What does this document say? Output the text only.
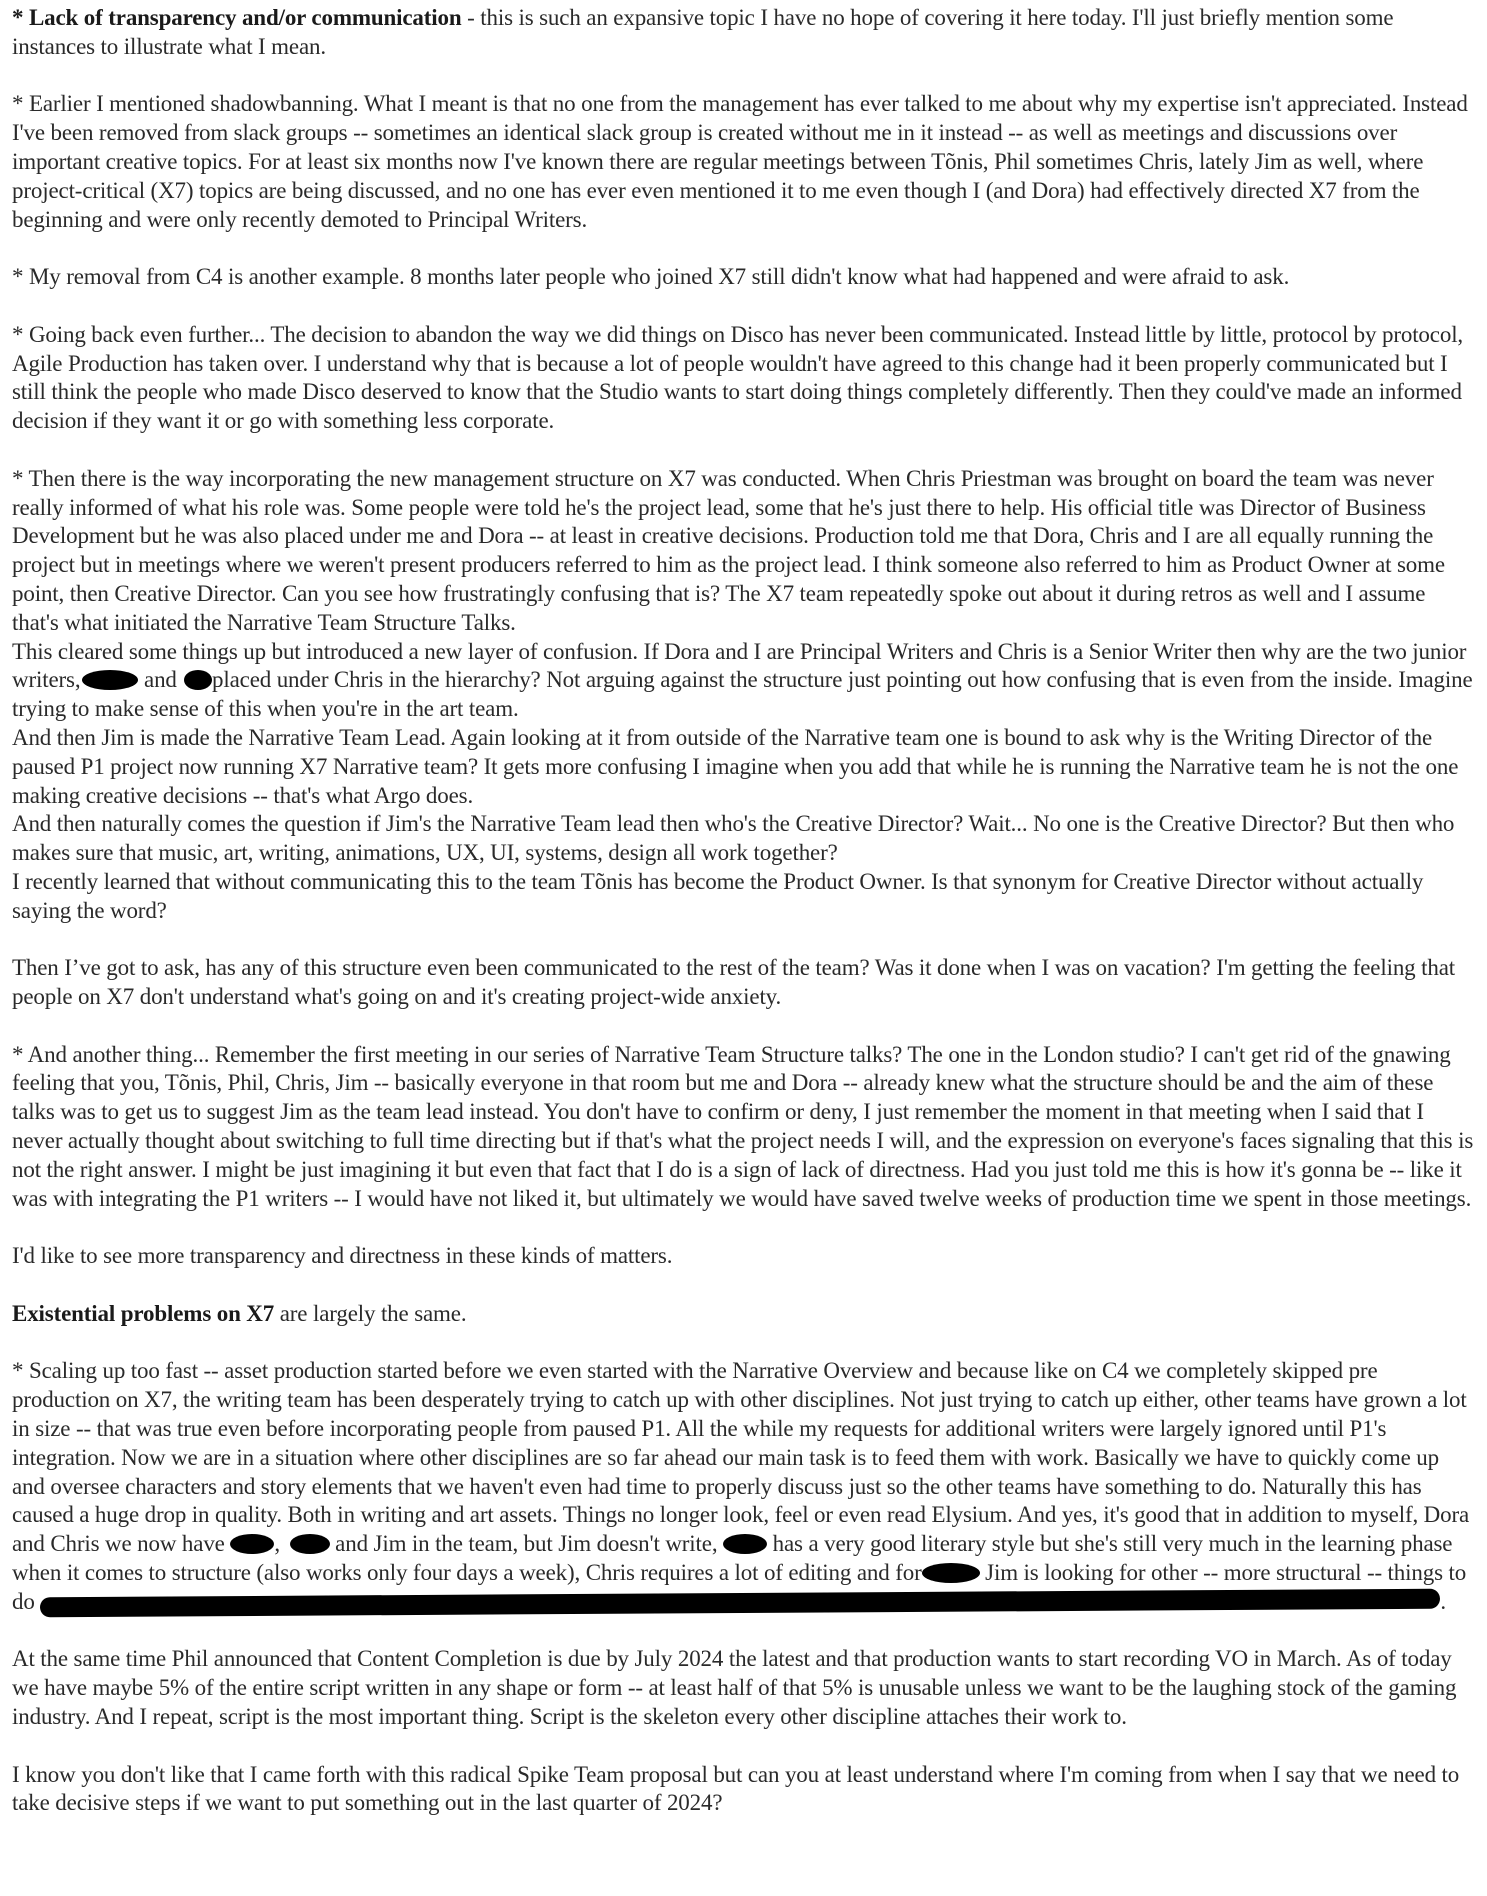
* Lack of transparency and/or communication - this is such an expansive topic I have no hope of covering it here today. I'll just briefly mention some instances to illustrate what I mean.

* Earlier I mentioned shadowbanning. What I meant is that no one from the management has ever talked to me about why my expertise isn't appreciated. Instead I've been removed from slack groups -- sometimes an identical slack group is created without me in it instead -- as well as meetings and discussions over important creative topics. For at least six months now I've known there are regular meetings between Tõnis, Phil sometimes Chris, lately Jim as well, where project-critical (X7) topics are being discussed, and no one has ever even mentioned it to me even though I (and Dora) had effectively directed X7 from the beginning and were only recently demoted to Principal Writers.

* My removal from C4 is another example. 8 months later people who joined X7 still didn't know what had happened and were afraid to ask.

* Going back even further... The decision to abandon the way we did things on Disco has never been communicated. Instead little by little, protocol by protocol, Agile Production has taken over. I understand why that is because a lot of people wouldn't have agreed to this change had it been properly communicated but I still think the people who made Disco deserved to know that the Studio wants to start doing things completely differently. Then they could've made an informed decision if they want it or go with something less corporate.

* Then there is the way incorporating the new management structure on X7 was conducted. When Chris Priestman was brought on board the team was never really informed of what his role was. Some people were told he's the project lead, some that he's just there to help. His official title was Director of Business Development but he was also placed under me and Dora -- at least in creative decisions. Production told me that Dora, Chris and I are all equally running the project but in meetings where we weren't present producers referred to him as the project lead. I think someone also referred to him as Product Owner at some point, then Creative Director. Can you see how frustratingly confusing that is? The X7 team repeatedly spoke out about it during retros as well and I assume that's what initiated the Narrative Team Structure Talks.

This cleared some things up but introduced a new layer of confusion. If Dora and I are Principal Writers and Chris is a Senior Writer then why are the two junior writers,	and  placed under Chris in the hierarchy? Not arguing against the structure just pointing out how confusing that is even from the inside. Imagine trying to make sense of this when you're in the art team.

And then Jim is made the Narrative Team Lead. Again looking at it from outside of the Narrative team one is bound to ask why is the Writing Director of the paused P1 project now running X7 Narrative team? It gets more confusing I imagine when you add that while he is running the Narrative team he is not the one making creative decisions -- that's what Argo does.

And then naturally comes the question if Jim's the Narrative Team lead then who's the Creative Director? Wait... No one is the Creative Director? But then who makes sure that music, art, writing, animations, UX, UI, systems, design all work together?

I recently learned that without communicating this to the team Tõnis has become the Product Owner. Is that synonym for Creative Director without actually saying the word?

Then I’ve got to ask, has any of this structure even been communicated to the rest of the team? Was it done when I was on vacation? I'm getting the feeling that people on X7 don't understand what's going on and it's creating project-wide anxiety.

* And another thing... Remember the first meeting in our series of Narrative Team Structure talks? The one in the London studio? I can't get rid of the gnawing feeling that you, Tõnis, Phil, Chris, Jim -- basically everyone in that room but me and Dora -- already knew what the structure should be and the aim of these talks was to get us to suggest Jim as the team lead instead. You don't have to confirm or deny, I just remember the moment in that meeting when I said that I never actually thought about switching to full time directing but if that's what the project needs I will, and the expression on everyone's faces signaling that this is not the right answer. I might be just imagining it but even that fact that I do is a sign of lack of directness. Had you just told me this is how it's gonna be -- like it was with integrating the P1 writers -- I would have not liked it, but ultimately we would have saved twelve weeks of production time we spent in those meetings.

I'd like to see more transparency and directness in these kinds of matters.

Existential problems on X7 are largely the same.

* Scaling up too fast -- asset production started before we even started with the Narrative Overview and because like on C4 we completely skipped pre production on X7, the writing team has been desperately trying to catch up with other disciplines. Not just trying to catch up either, other teams have grown a lot in size -- that was true even before incorporating people from paused P1. All the while my requests for additional writers were largely ignored until P1's integration. Now we are in a situation where other disciplines are so far ahead our main task is to feed them with work. Basically we have to quickly come up and oversee characters and story elements that we haven't even had time to properly discuss just so the other teams have something to do. Naturally this has caused a huge drop in quality. Both in writing and art assets. Things no longer look, feel or even read Elysium. And yes, it's good that in addition to myself, Dora and Chris we now have ,  and Jim in the team, but Jim doesn't write,  has a very good literary style but she's still very much in the learning phase when it comes to structure (also works only four days a week), Chris requires a lot of editing and for	Jim is looking for other -- more structural -- things to do	.

At the same time Phil announced that Content Completion is due by July 2024 the latest and that production wants to start recording VO in March. As of today we have maybe 5% of the entire script written in any shape or form -- at least half of that 5% is unusable unless we want to be the laughing stock of the gaming industry. And I repeat, script is the most important thing. Script is the skeleton every other discipline attaches their work to.

I know you don't like that I came forth with this radical Spike Team proposal but can you at least understand where I'm coming from when I say that we need to take decisive steps if we want to put something out in the last quarter of 2024?
